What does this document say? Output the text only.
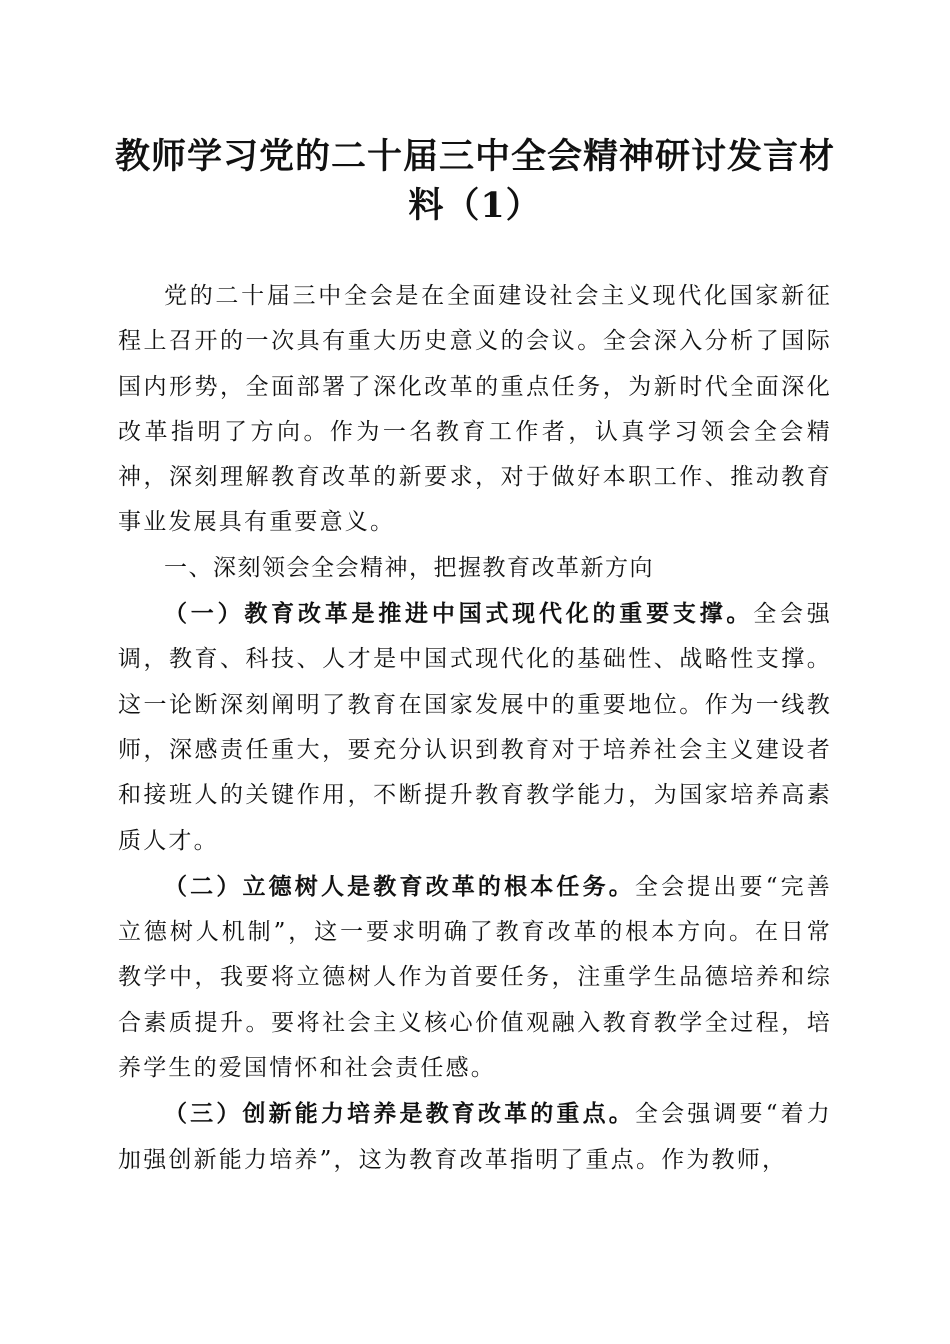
教师学习党的二十届三中全会精神研讨发言材料（1）

党的二十届三中全会是在全面建设社会主义现代化国家新征程上召开的一次具有重大历史意义的会议。全会深入分析了国际国内形势，全面部署了深化改革的重点任务，为新时代全面深化改革指明了方向。作为一名教育工作者，认真学习领会全会精神，深刻理解教育改革的新要求，对于做好本职工作、推动教育事业发展具有重要意义。

一、深刻领会全会精神，把握教育改革新方向

（一）教育改革是推进中国式现代化的重要支撑。全会强调，教育、科技、人才是中国式现代化的基础性、战略性支撑。这一论断深刻阐明了教育在国家发展中的重要地位。作为一线教师，深感责任重大，要充分认识到教育对于培养社会主义建设者和接班人的关键作用，不断提升教育教学能力，为国家培养高素质人才。

（二）立德树人是教育改革的根本任务。全会提出要“完善立德树人机制”，这一要求明确了教育改革的根本方向。在日常教学中，我要将立德树人作为首要任务，注重学生品德培养和综合素质提升。要将社会主义核心价值观融入教育教学全过程，培养学生的爱国情怀和社会责任感。

（三）创新能力培养是教育改革的重点。全会强调要“着力加强创新能力培养”，这为教育改革指明了重点。作为教师，
